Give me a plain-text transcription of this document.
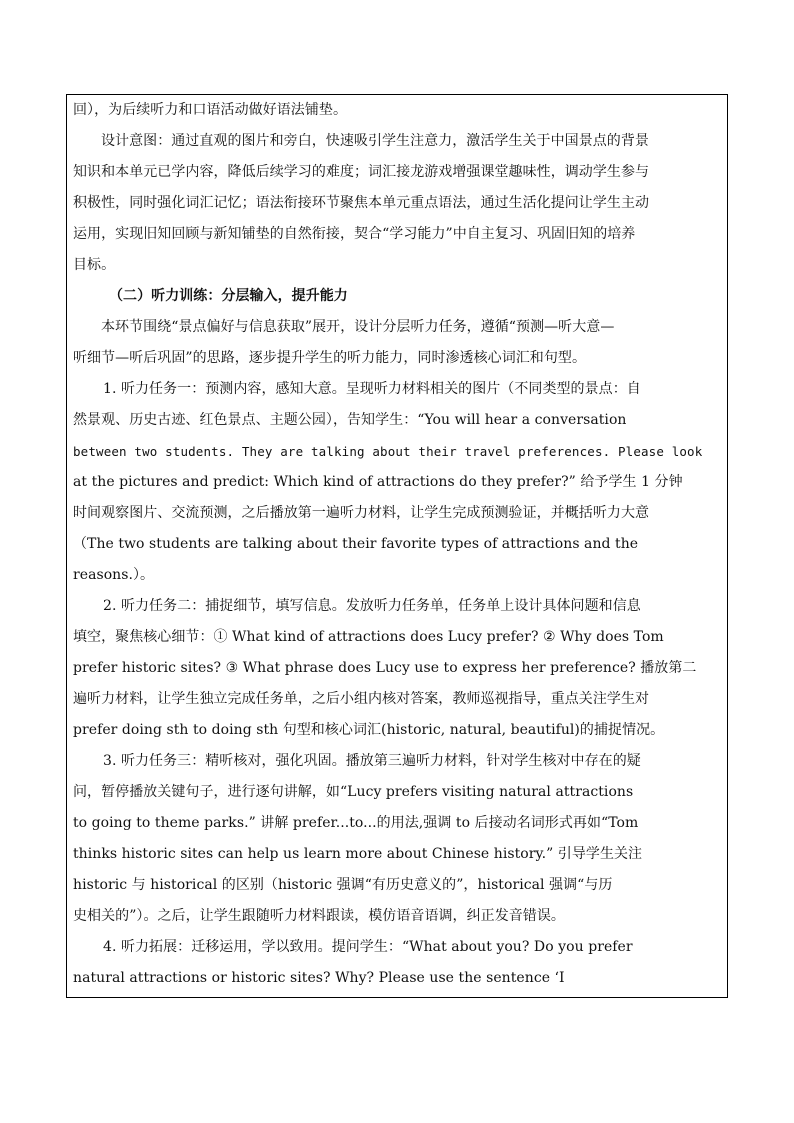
回），为后续听力和口语活动做好语法铺垫。
设计意图：通过直观的图片和旁白，快速吸引学生注意力，激活学生关于中国景点的背景
知识和本单元已学内容，降低后续学习的难度；词汇接龙游戏增强课堂趣味性，调动学生参与
积极性，同时强化词汇记忆；语法衔接环节聚焦本单元重点语法，通过生活化提问让学生主动
运用，实现旧知回顾与新知铺垫的自然衔接，契合“学习能力”中自主复习、巩固旧知的培养
目标。
（二）听力训练：分层输入，提升能力
本环节围绕“景点偏好与信息获取”展开，设计分层听力任务，遵循“预测—听大意—
听细节—听后巩固”的思路，逐步提升学生的听力能力，同时渗透核心词汇和句型。
1. 听力任务一：预测内容，感知大意。呈现听力材料相关的图片（不同类型的景点：自
然景观、历史古迹、红色景点、主题公园），告知学生：“You will hear a conversation
between two students. They are talking about their travel preferences. Please look
at the pictures and predict: Which kind of attractions do they prefer?” 给予学生 1 分钟
时间观察图片、交流预测，之后播放第一遍听力材料，让学生完成预测验证，并概括听力大意
（The two students are talking about their favorite types of attractions and the
reasons.）。
2. 听力任务二：捕捉细节，填写信息。发放听力任务单，任务单上设计具体问题和信息
填空，聚焦核心细节：① What kind of attractions does Lucy prefer? ② Why does Tom
prefer historic sites? ③ What phrase does Lucy use to express her preference? 播放第二
遍听力材料，让学生独立完成任务单，之后小组内核对答案，教师巡视指导，重点关注学生对
prefer doing sth to doing sth 句型和核心词汇(historic, natural, beautiful)的捕捉情况。
3. 听力任务三：精听核对，强化巩固。播放第三遍听力材料，针对学生核对中存在的疑
问，暂停播放关键句子，进行逐句讲解，如“Lucy prefers visiting natural attractions
to going to theme parks.” 讲解 prefer...to...的用法,强调 to 后接动名词形式再如“Tom
thinks historic sites can help us learn more about Chinese history.” 引导学生关注
historic 与 historical 的区别（historic 强调“有历史意义的”，historical 强调“与历
史相关的”）。之后，让学生跟随听力材料跟读，模仿语音语调，纠正发音错误。
4. 听力拓展：迁移运用，学以致用。提问学生：“What about you? Do you prefer
natural attractions or historic sites? Why? Please use the sentence ‘I
